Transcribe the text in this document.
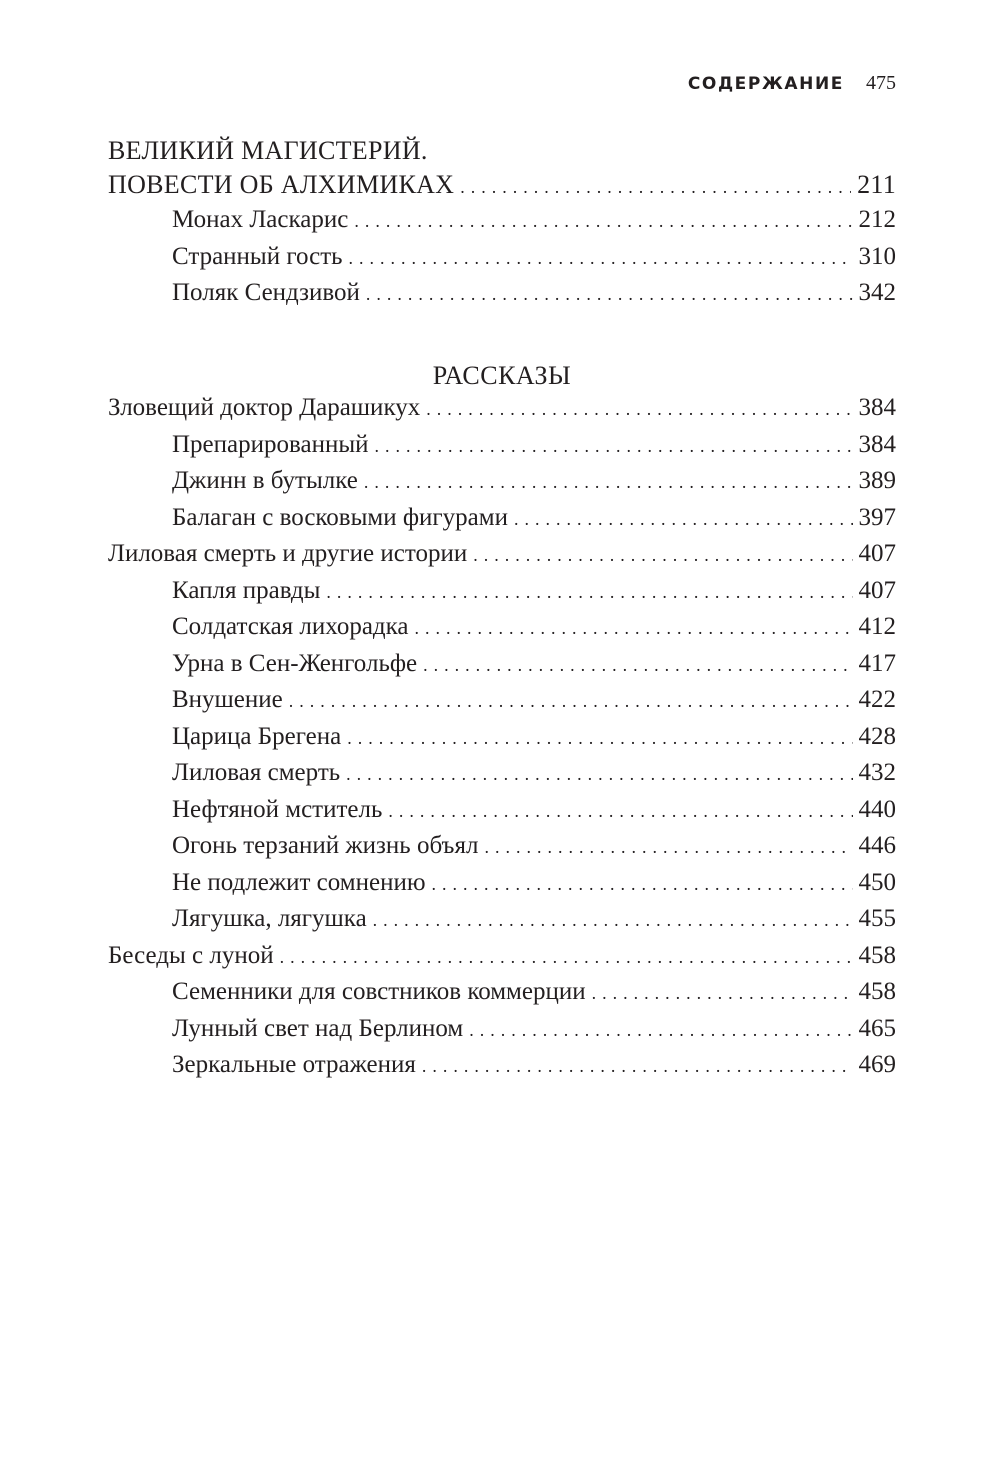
СОДЕРЖАНИЕ 475
ВЕЛИКИЙ МАГИСТЕРИЙ.
ПОВЕСТИ ОБ АЛХИМИКАХ .....	211
Монах Ласкарис .....	212
Странный гость .....	310
Поляк Сендзивой .....	342
РАССКАЗЫ
Зловещий доктор Дарашикух .....	384
Препарированный .....	384
Джинн в бутылке .....	389
Балаган с восковыми фигурами .....	397
Лиловая смерть и другие истории .....	407
Капля правды .....	407
Солдатская лихорадка .....	412
Урна в Сен-Женгольфе .....	417
Внушение .....	422
Царица Брегена .....	428
Лиловая смерть .....	432
Нефтяной мститель .....	440
Огонь терзаний жизнь объял .....	446
Не подлежит сомнению .....	450
Лягушка, лягушка .....	455
Беседы с луной .....	458
Семенники для совстников коммерции .....	458
Лунный свет над Берлином .....	465
Зеркальные отражения .....	469
